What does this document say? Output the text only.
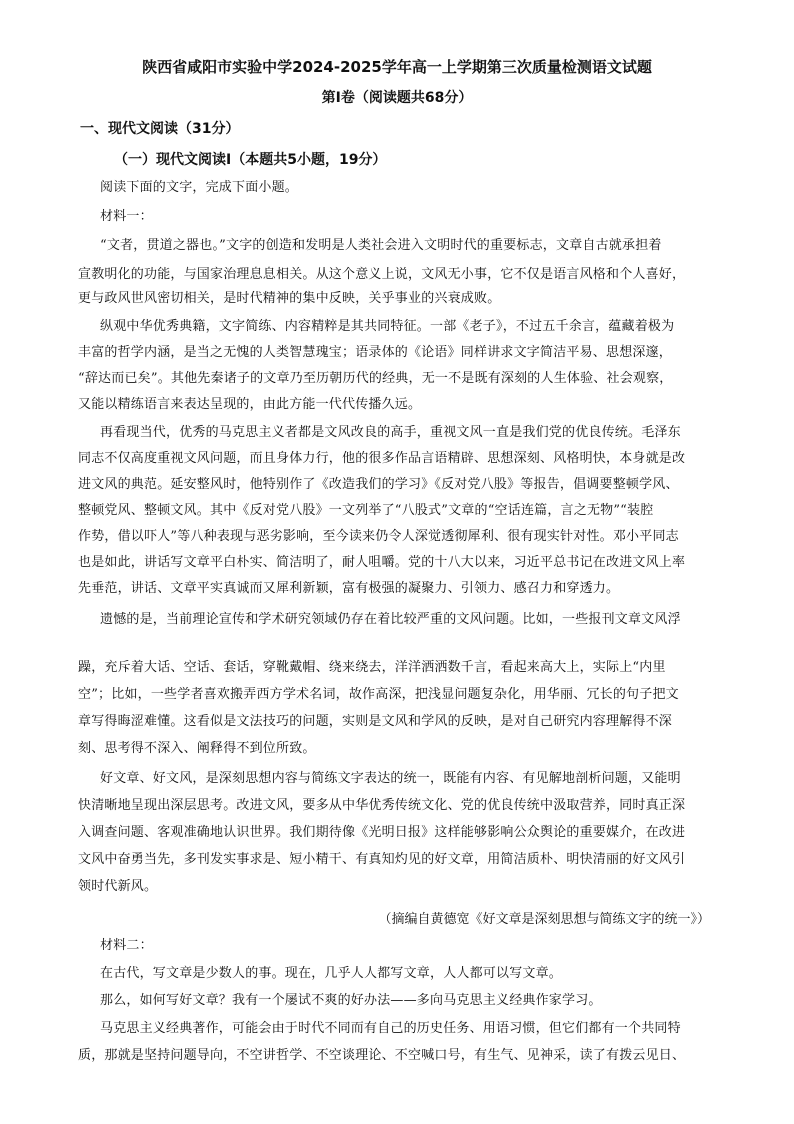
陕西省咸阳市实验中学2024-2025学年高一上学期第三次质量检测语文试题
第Ⅰ卷（阅读题共68分）
一、现代文阅读（31分）
（一）现代文阅读Ⅰ（本题共5小题，19分）
阅读下面的文字，完成下面小题。
材料一：
“文者，贯道之器也。”文字的创造和发明是人类社会进入文明时代的重要标志，文章自古就承担着
宣教明化的功能，与国家治理息息相关。从这个意义上说，文风无小事，它不仅是语言风格和个人喜好，
更与政风世风密切相关，是时代精神的集中反映，关乎事业的兴衰成败。
纵观中华优秀典籍，文字简练、内容精粹是其共同特征。一部《老子》，不过五千余言，蕴藏着极为
丰富的哲学内涵，是当之无愧的人类智慧瑰宝；语录体的《论语》同样讲求文字简洁平易、思想深邃，
“辞达而已矣”。其他先秦诸子的文章乃至历朝历代的经典，无一不是既有深刻的人生体验、社会观察，
又能以精练语言来表达呈现的，由此方能一代代传播久远。
再看现当代，优秀的马克思主义者都是文风改良的高手，重视文风一直是我们党的优良传统。毛泽东
同志不仅高度重视文风问题，而且身体力行，他的很多作品言语精辟、思想深刻、风格明快，本身就是改
进文风的典范。延安整风时，他特别作了《改造我们的学习》《反对党八股》等报告，倡调要整顿学风、
整顿党风、整顿文风。其中《反对党八股》一文列举了“八股式”文章的“空话连篇，言之无物”“装腔
作势，借以吓人”等八种表现与恶劣影响，至今读来仍令人深觉透彻犀利、很有现实针对性。邓小平同志
也是如此，讲话写文章平白朴实、简洁明了，耐人咀嚼。党的十八大以来，习近平总书记在改进文风上率
先垂范，讲话、文章平实真诚而又犀利新颖，富有极强的凝聚力、引领力、感召力和穿透力。
遗憾的是，当前理论宣传和学术研究领域仍存在着比较严重的文风问题。比如，一些报刊文章文风浮
躁，充斥着大话、空话、套话，穿靴戴帽、绕来绕去，洋洋洒洒数千言，看起来高大上，实际上“内里
空”；比如，一些学者喜欢搬弄西方学术名词，故作高深，把浅显问题复杂化，用华丽、冗长的句子把文
章写得晦涩难懂。这看似是文法技巧的问题，实则是文风和学风的反映，是对自己研究内容理解得不深
刻、思考得不深入、阐释得不到位所致。
好文章、好文风，是深刻思想内容与简练文字表达的统一，既能有内容、有见解地剖析问题，又能明
快清晰地呈现出深层思考。改进文风，要多从中华优秀传统文化、党的优良传统中汲取营养，同时真正深
入调查问题、客观准确地认识世界。我们期待像《光明日报》这样能够影响公众舆论的重要媒介，在改进
文风中奋勇当先，多刊发实事求是、短小精干、有真知灼见的好文章，用简洁质朴、明快清丽的好文风引
领时代新风。
（摘编自黄德宽《好文章是深刻思想与简练文字的统一》）
材料二：
在古代，写文章是少数人的事。现在，几乎人人都写文章，人人都可以写文章。
那么，如何写好文章？我有一个屡试不爽的好办法——多向马克思主义经典作家学习。
马克思主义经典著作，可能会由于时代不同而有自己的历史任务、用语习惯，但它们都有一个共同特
质，那就是坚持问题导向，不空讲哲学、不空谈理论、不空喊口号，有生气、见神采，读了有拨云见日、
